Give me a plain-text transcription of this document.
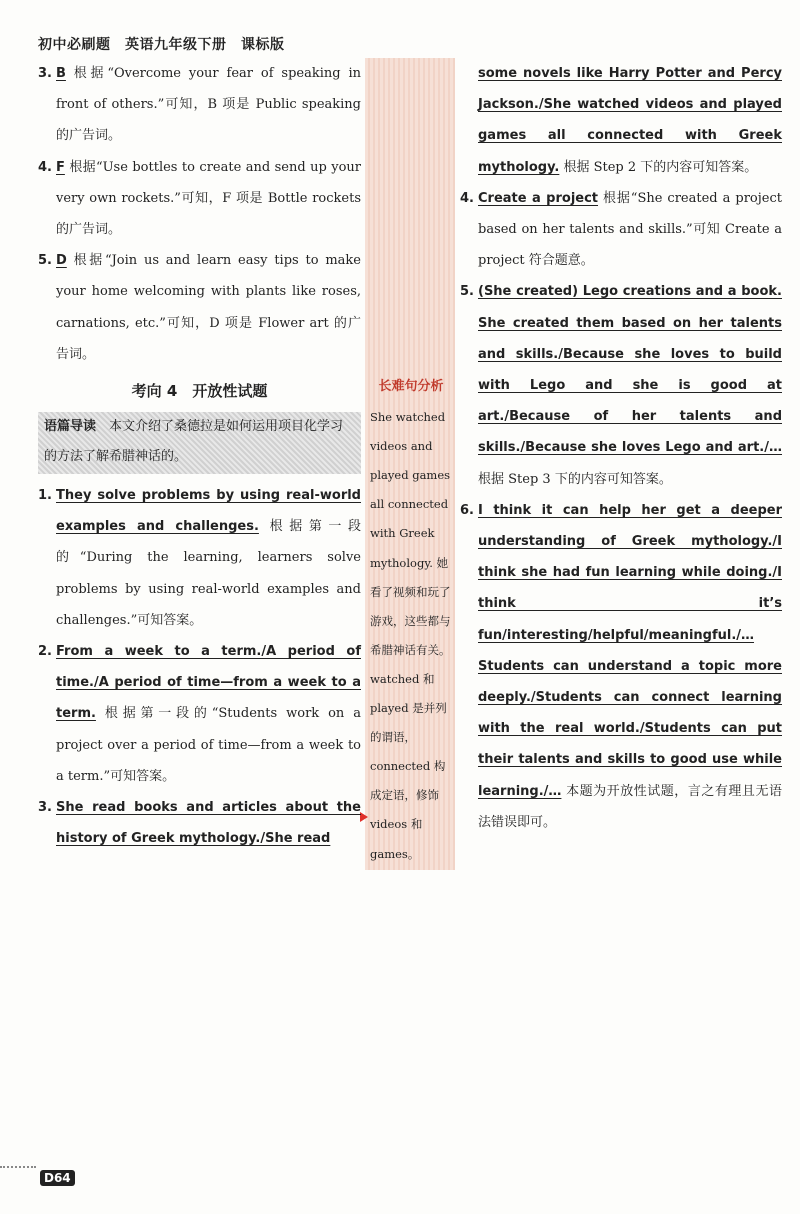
初中必刷题　英语九年级下册　课标版
长难句分析
She watched videos and played games all connected with Greek mythology. 她看了视频和玩了游戏，这些都与希腊神话有关。watched 和 played 是并列的谓语，connected 构成定语，修饰 videos 和 games。
3. B 根据“Overcome your fear of speaking in front of others.”可知，B 项是 Public speaking 的广告词。
4. F 根据“Use bottles to create and send up your very own rockets.”可知，F 项是 Bottle rockets 的广告词。
5. D 根据“Join us and learn easy tips to make your home welcoming with plants like roses, carnations, etc.”可知，D 项是 Flower art 的广告词。
考向 4　开放性试题
语篇导读　 本文介绍了桑德拉是如何运用项目化学习的方法了解希腊神话的。
1. They solve problems by using real-world examples and challenges. 根据第一段的“During the learning, learners solve problems by using real-world examples and challenges.”可知答案。
2. From a week to a term./A period of time./A period of time—from a week to a term. 根据第一段的“Students work on a project over a period of time—from a week to a term.”可知答案。
3. She read books and articles about the history of Greek mythology./She read
some novels like Harry Potter and Percy Jackson./She watched videos and played games all connected with Greek mythology. 根据 Step 2 下的内容可知答案。
4. Create a project 根据“She created a project based on her talents and skills.”可知 Create a project 符合题意。
5. (She created) Lego creations and a book. She created them based on her talents and skills./Because she loves to build with Lego and she is good at art./Because of her talents and skills./Because she loves Lego and art./… 根据 Step 3 下的内容可知答案。
6. I think it can help her get a deeper understanding of Greek mythology./I think she had fun learning while doing./I think it’s fun/interesting/helpful/meaningful./…
Students can understand a topic more deeply./Students can connect learning with the real world./Students can put their talents and skills to good use while learning./… 本题为开放性试题，言之有理且无语法错误即可。
D64
